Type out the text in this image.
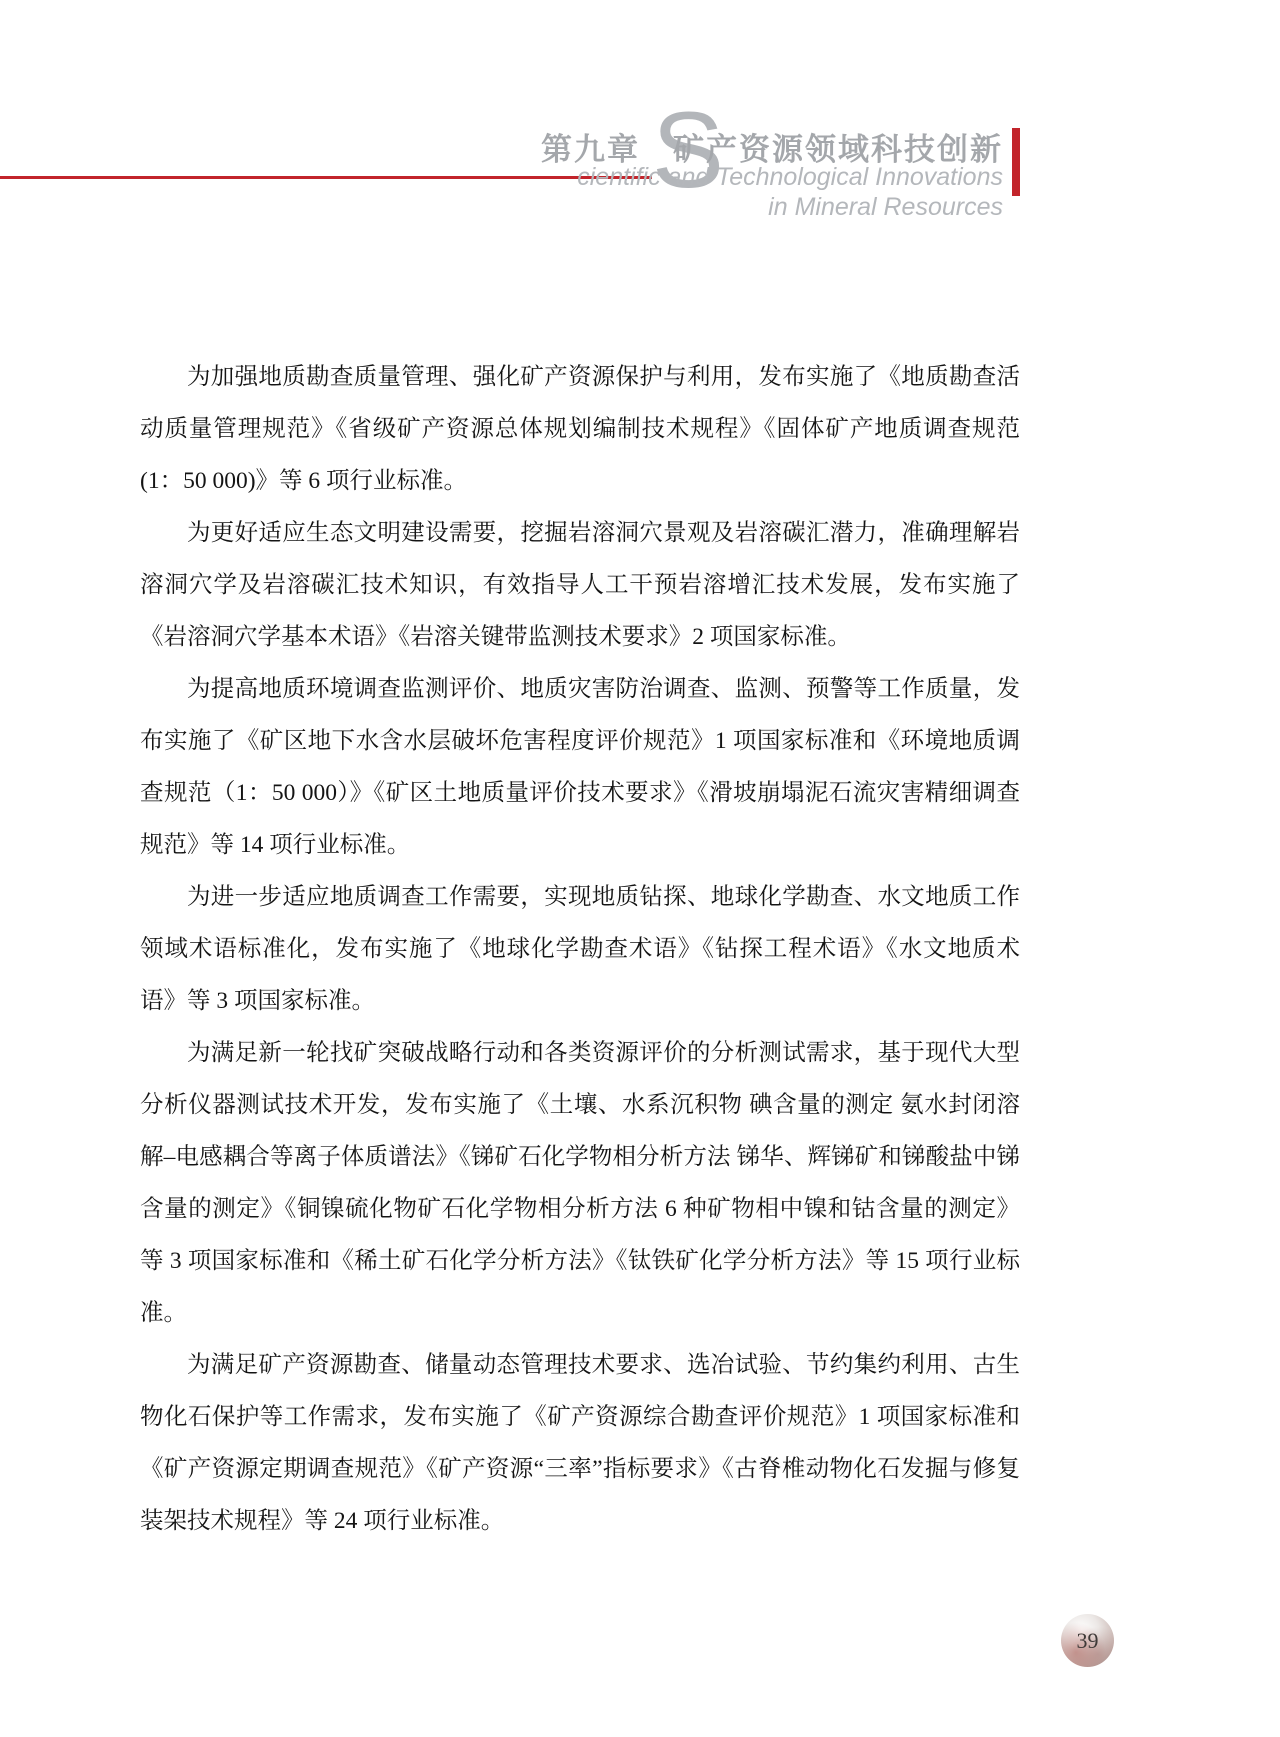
S
第九章　矿产资源领域科技创新
cientific and Technological Innovations
in Mineral Resources

为加强地质勘查质量管理、强化矿产资源保护与利用，发布实施了《地质勘查活动质量管理规范》《省级矿产资源总体规划编制技术规程》《固体矿产地质调查规范(1：50 000)》等 6 项行业标准。

为更好适应生态文明建设需要，挖掘岩溶洞穴景观及岩溶碳汇潜力，准确理解岩溶洞穴学及岩溶碳汇技术知识，有效指导人工干预岩溶增汇技术发展，发布实施了《岩溶洞穴学基本术语》《岩溶关键带监测技术要求》2 项国家标准。

为提高地质环境调查监测评价、地质灾害防治调查、监测、预警等工作质量，发布实施了《矿区地下水含水层破坏危害程度评价规范》1 项国家标准和《环境地质调查规范（1：50 000）》《矿区土地质量评价技术要求》《滑坡崩塌泥石流灾害精细调查规范》等 14 项行业标准。

为进一步适应地质调查工作需要，实现地质钻探、地球化学勘查、水文地质工作领域术语标准化，发布实施了《地球化学勘查术语》《钻探工程术语》《水文地质术语》等 3 项国家标准。

为满足新一轮找矿突破战略行动和各类资源评价的分析测试需求，基于现代大型分析仪器测试技术开发，发布实施了《土壤、水系沉积物 碘含量的测定 氨水封闭溶解–电感耦合等离子体质谱法》《锑矿石化学物相分析方法 锑华、辉锑矿和锑酸盐中锑含量的测定》《铜镍硫化物矿石化学物相分析方法 6 种矿物相中镍和钴含量的测定》等 3 项国家标准和《稀土矿石化学分析方法》《钛铁矿化学分析方法》等 15 项行业标准。

为满足矿产资源勘查、储量动态管理技术要求、选冶试验、节约集约利用、古生物化石保护等工作需求，发布实施了《矿产资源综合勘查评价规范》1 项国家标准和《矿产资源定期调查规范》《矿产资源“三率”指标要求》《古脊椎动物化石发掘与修复装架技术规程》等 24 项行业标准。

39
